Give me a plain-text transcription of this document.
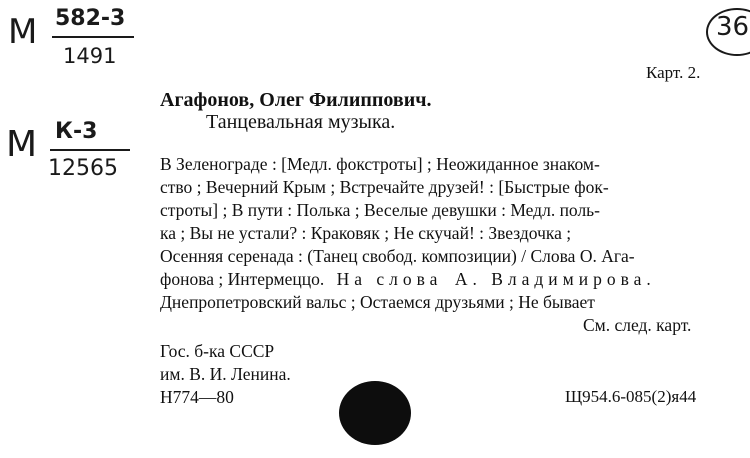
М 582-3
1491
М К-3
12565
36
Карт. 2.
Агафонов, Олег Филиппович.
Танцевальная музыка.
В Зеленограде : [Медл. фокстроты] ; Неожиданное знаком-
ство ; Вечерний Крым ; Встречайте друзей! : [Быстрые фок-
строты] ; В пути : Полька ; Веселые девушки : Медл. поль-
ка ; Вы не устали? : Краковяк ; Не скучай! : Звездочка ;
Осенняя серенада : (Танец свобод. композиции) / Слова О. Ага-
фонова ; Интермеццо. На слова А. Владимирова.
Днепропетровский вальс ; Остаемся друзьями ; Не бывает
См. след. карт.
Гос. б-ка СССР
им. В. И. Ленина.
Н774—80	Щ954.6-085(2)я44
